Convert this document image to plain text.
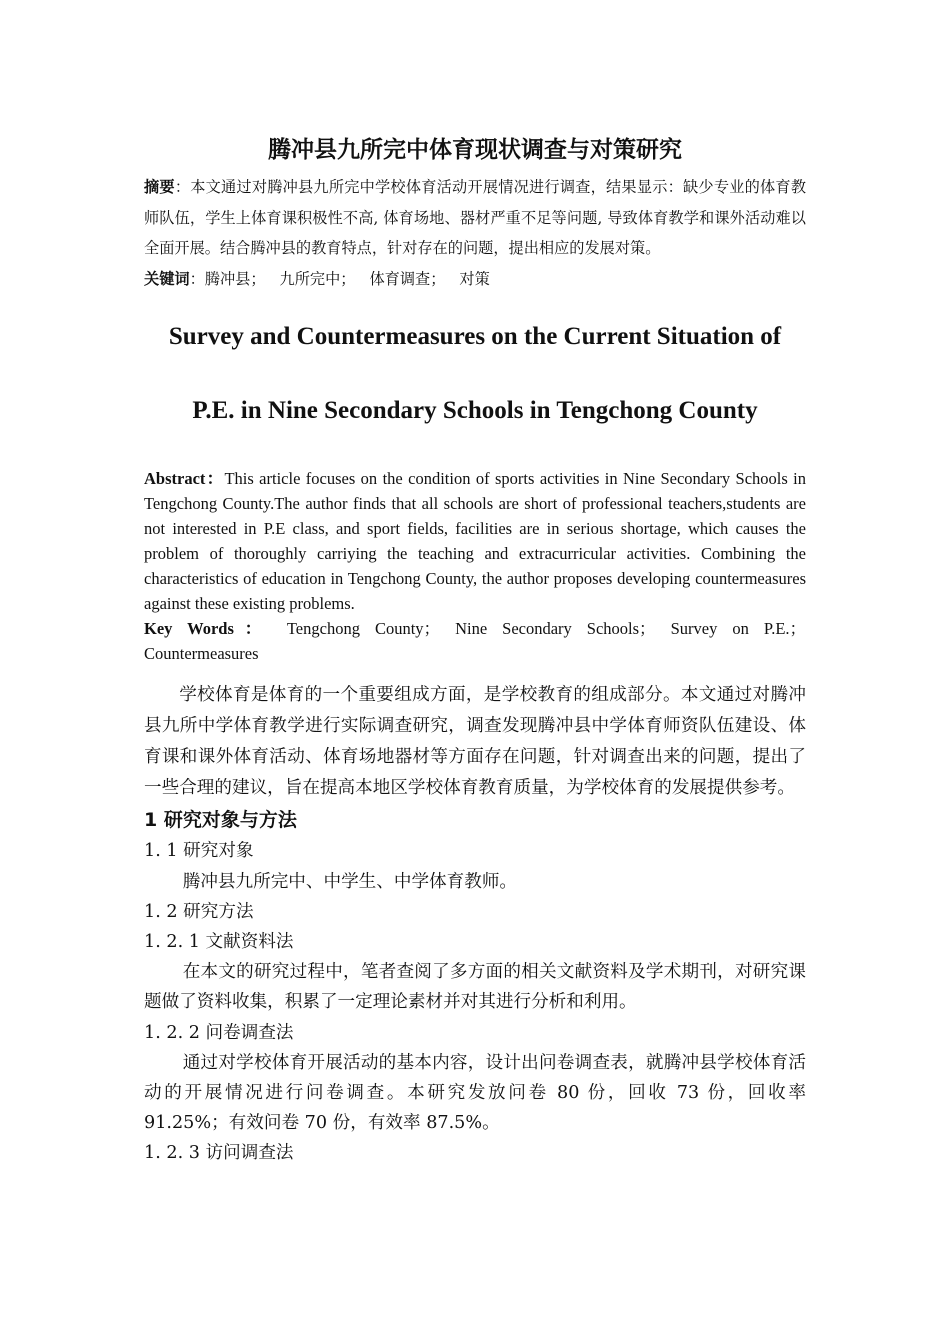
腾冲县九所完中体育现状调查与对策研究

摘要：本文通过对腾冲县九所完中学校体育活动开展情况进行调查，结果显示：缺少专业的体育教师队伍，学生上体育课积极性不高, 体育场地、器材严重不足等问题, 导致体育教学和课外活动难以全面开展。结合腾冲县的教育特点，针对存在的问题，提出相应的发展对策。

关键词：腾冲县； 九所完中； 体育调查； 对策

Survey and Countermeasures on the Current Situation of
P.E. in Nine Secondary Schools in Tengchong County

Abstract：This article focuses on the condition of sports activities in Nine Secondary Schools in Tengchong County.The author finds that all schools are short of professional teachers,students are not interested in P.E class, and sport fields, facilities are in serious shortage, which causes the problem of thoroughly carriying the teaching and extracurricular activities. Combining the characteristics of education in Tengchong County, the author proposes developing countermeasures against these existing problems.

Key Words： Tengchong County； Nine Secondary Schools； Survey on P.E.；

Countermeasures

学校体育是体育的一个重要组成方面，是学校教育的组成部分。本文通过对腾冲县九所中学体育教学进行实际调查研究，调查发现腾冲县中学体育师资队伍建设、体育课和课外体育活动、体育场地器材等方面存在问题，针对调查出来的问题，提出了一些合理的建议，旨在提高本地区学校体育教育质量，为学校体育的发展提供参考。

1 研究对象与方法

1. 1 研究对象

腾冲县九所完中、中学生、中学体育教师。

1. 2 研究方法

1. 2. 1 文献资料法

在本文的研究过程中，笔者查阅了多方面的相关文献资料及学术期刊，对研究课题做了资料收集，积累了一定理论素材并对其进行分析和利用。

1. 2. 2 问卷调查法

通过对学校体育开展活动的基本内容，设计出问卷调查表，就腾冲县学校体育活动的开展情况进行问卷调查。本研究发放问卷 80 份，回收 73 份，回收率 91.25%；有效问卷 70 份，有效率 87.5%。

1. 2. 3 访问调查法
